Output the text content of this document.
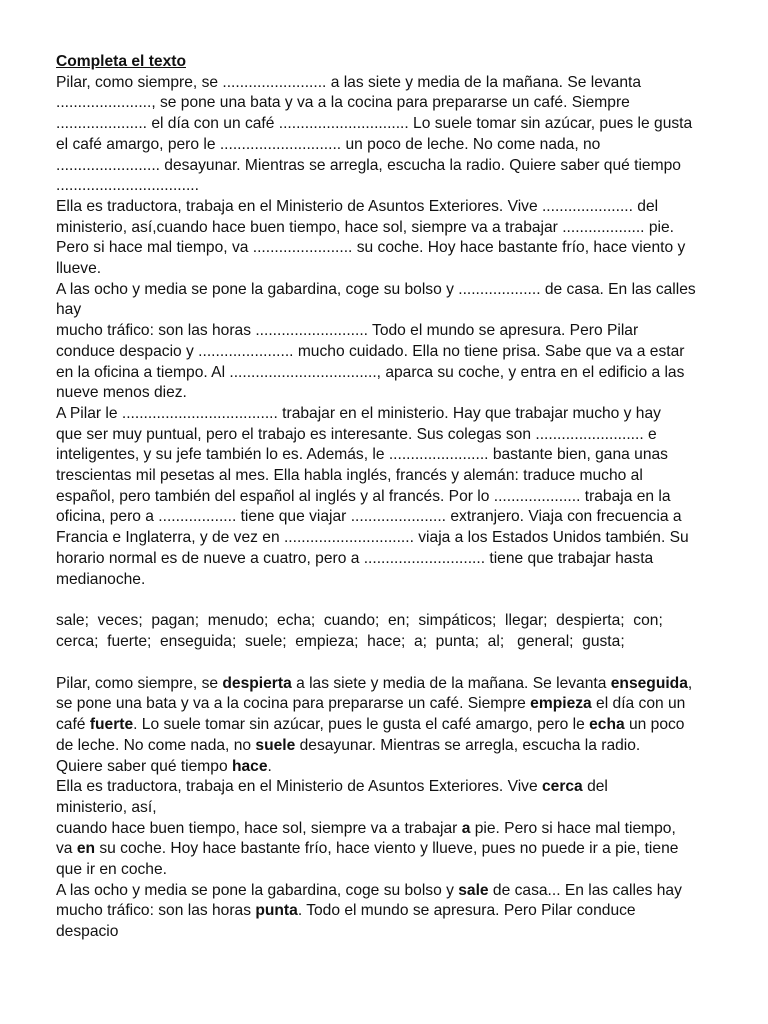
Completa el texto
Pilar, como siempre, se ........................ a las siete y media de la mañana. Se levanta
......................, se pone una bata y va a la cocina para prepararse un café. Siempre
..................... el día con un café .............................. Lo suele tomar sin azúcar, pues le gusta
el café amargo, pero le ............................ un poco de leche. No come nada, no
........................ desayunar. Mientras se arregla, escucha la radio. Quiere saber qué tiempo
.................................
Ella es traductora, trabaja en el Ministerio de Asuntos Exteriores. Vive ..................... del
ministerio, así,cuando hace buen tiempo, hace sol, siempre va a trabajar ................... pie.
Pero si hace mal tiempo, va ....................... su coche. Hoy hace bastante frío, hace viento y
llueve.
A las ocho y media se pone la gabardina, coge su bolso y ................... de casa. En las calles
hay
mucho tráfico: son las horas .......................... Todo el mundo se apresura. Pero Pilar
conduce despacio y ...................... mucho cuidado. Ella no tiene prisa. Sabe que va a estar
en la oficina a tiempo. Al .................................., aparca su coche, y entra en el edificio a las
nueve menos diez.
A Pilar le .................................... trabajar en el ministerio. Hay que trabajar mucho y hay
que ser muy puntual, pero el trabajo es interesante. Sus colegas son ......................... e
inteligentes, y su jefe también lo es. Además, le ....................... bastante bien, gana unas
trescientas mil pesetas al mes. Ella habla inglés, francés y alemán: traduce mucho al
español, pero también del español al inglés y al francés. Por lo .................... trabaja en la
oficina, pero a .................. tiene que viajar ...................... extranjero. Viaja con frecuencia a
Francia e Inglaterra, y de vez en .............................. viaja a los Estados Unidos también. Su
horario normal es de nueve a cuatro, pero a ............................ tiene que trabajar hasta
medianoche.
sale;  veces;  pagan;  menudo;  echa;  cuando;  en;  simpáticos;  llegar;  despierta;  con;
cerca;  fuerte;  enseguida;  suele;  empieza;  hace;  a;  punta;  al;   general;  gusta;
Pilar, como siempre, se despierta a las siete y media de la mañana. Se levanta enseguida,
se pone una bata y va a la cocina para prepararse un café. Siempre empieza el día con un
café fuerte. Lo suele tomar sin azúcar, pues le gusta el café amargo, pero le echa un poco
de leche. No come nada, no suele desayunar. Mientras se arregla, escucha la radio.
Quiere saber qué tiempo hace.
Ella es traductora, trabaja en el Ministerio de Asuntos Exteriores. Vive cerca del
ministerio, así,
cuando hace buen tiempo, hace sol, siempre va a trabajar a pie. Pero si hace mal tiempo,
va en su coche. Hoy hace bastante frío, hace viento y llueve, pues no puede ir a pie, tiene
que ir en coche.
A las ocho y media se pone la gabardina, coge su bolso y sale de casa... En las calles hay
mucho tráfico: son las horas punta. Todo el mundo se apresura. Pero Pilar conduce
despacio
